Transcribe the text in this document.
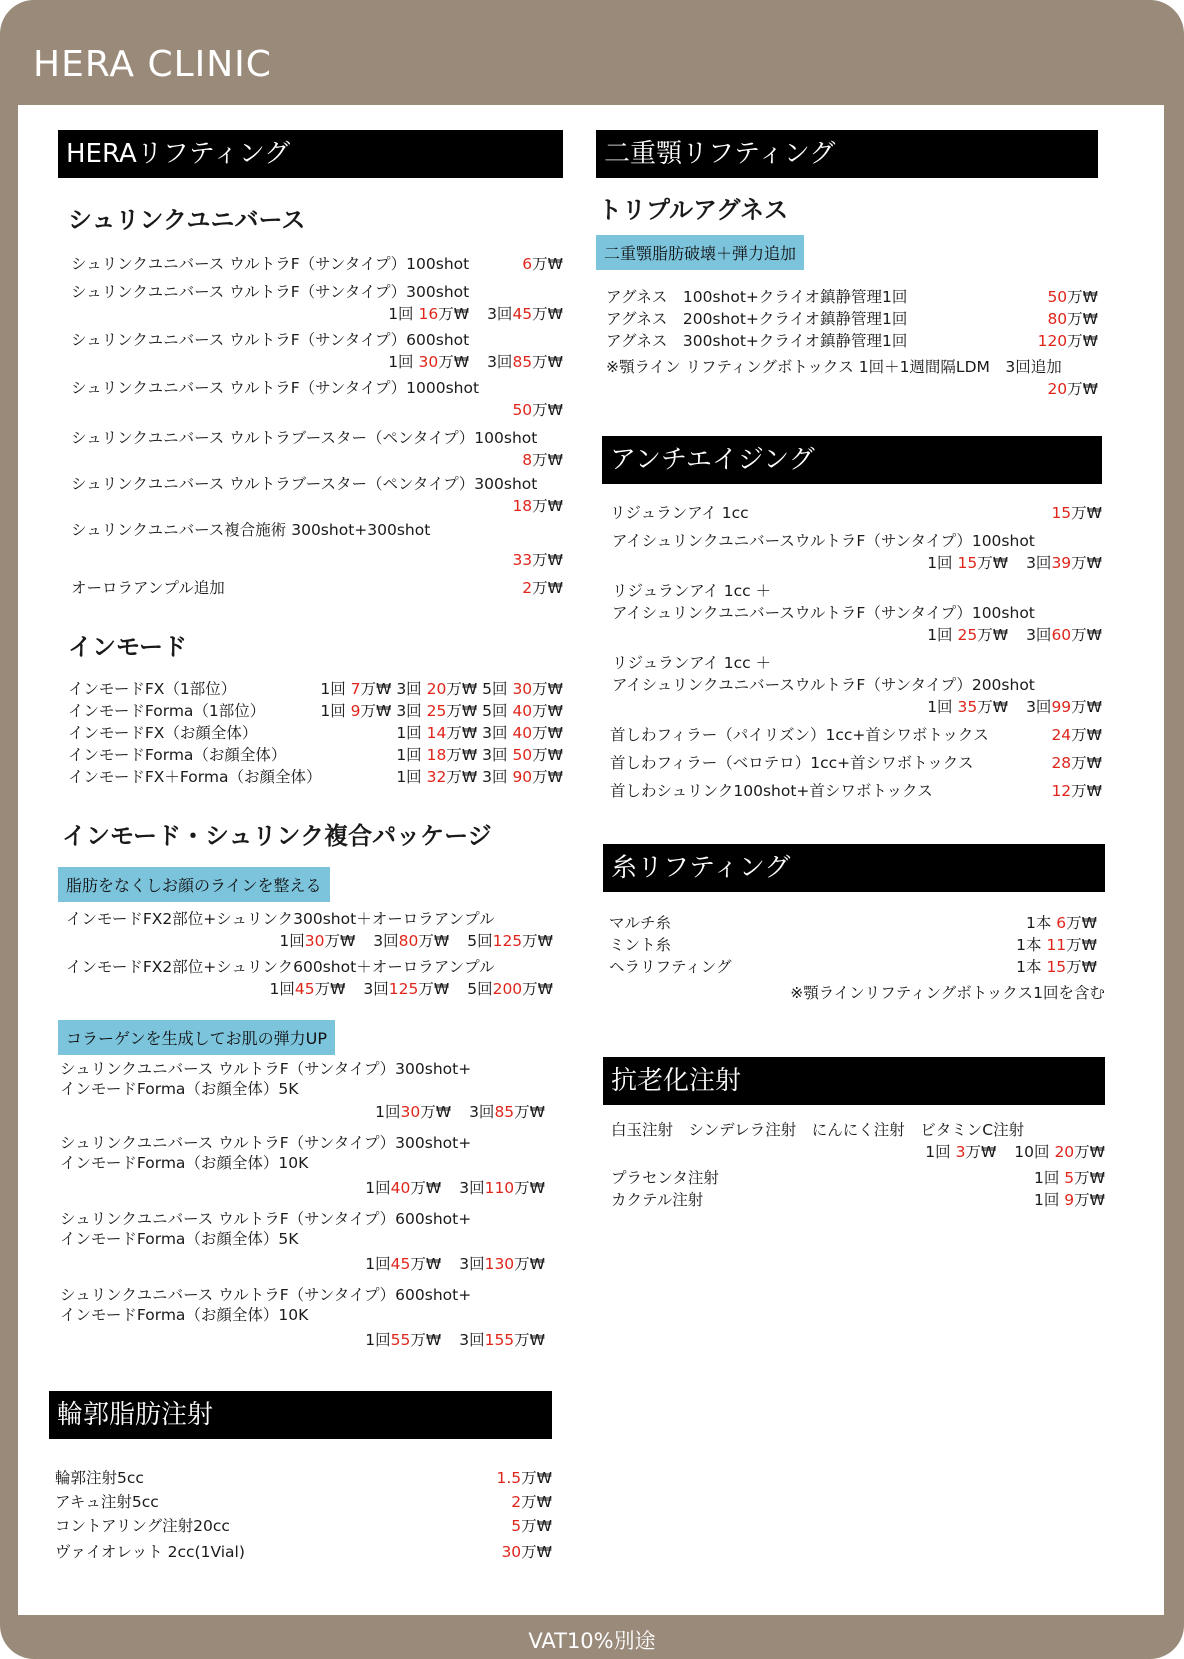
HERA CLINIC
VAT10%別途
HERAリフティング
シュリンクユニバース
シュリンクユニバース ウルトラF（サンタイプ）100shot	6万₩
シュリンクユニバース ウルトラF（サンタイプ）300shot
1回 16万₩ 3回45万₩
シュリンクユニバース ウルトラF（サンタイプ）600shot
1回 30万₩ 3回85万₩
シュリンクユニバース ウルトラF（サンタイプ）1000shot
50万₩
シュリンクユニバース ウルトラブースター（ペンタイプ）100shot
8万₩
シュリンクユニバース ウルトラブースター（ペンタイプ）300shot
18万₩
シュリンクユニバース複合施術 300shot+300shot
33万₩
オーロラアンプル追加	2万₩
インモード
インモードFX（1部位）	1回 7万₩ 3回 20万₩ 5回 30万₩
インモードForma（1部位）	1回 9万₩ 3回 25万₩ 5回 40万₩
インモードFX（お顔全体）	1回 14万₩ 3回 40万₩
インモードForma（お顔全体）	1回 18万₩ 3回 50万₩
インモードFX＋Forma（お顔全体）	1回 32万₩ 3回 90万₩
インモード・シュリンク複合パッケージ
脂肪をなくしお顔のラインを整える
インモードFX2部位+シュリンク300shot＋オーロラアンプル
1回30万₩ 3回80万₩ 5回125万₩
インモードFX2部位+シュリンク600shot＋オーロラアンプル
1回45万₩ 3回125万₩ 5回200万₩
コラーゲンを生成してお肌の弾力UP
シュリンクユニバース ウルトラF（サンタイプ）300shot+
インモードForma（お顔全体）5K
1回30万₩ 3回85万₩
シュリンクユニバース ウルトラF（サンタイプ）300shot+
インモードForma（お顔全体）10K
1回40万₩ 3回110万₩
シュリンクユニバース ウルトラF（サンタイプ）600shot+
インモードForma（お顔全体）5K
1回45万₩ 3回130万₩
シュリンクユニバース ウルトラF（サンタイプ）600shot+
インモードForma（お顔全体）10K
1回55万₩ 3回155万₩
輪郭脂肪注射
輪郭注射5cc	1.5万₩
アキュ注射5cc	2万₩
コントアリング注射20cc	5万₩
ヴァイオレット 2cc(1Vial)	30万₩
二重顎リフティング
トリプルアグネス
二重顎脂肪破壊＋弾力追加
アグネス　100shot+クライオ鎮静管理1回	50万₩
アグネス　200shot+クライオ鎮静管理1回	80万₩
アグネス　300shot+クライオ鎮静管理1回	120万₩
※顎ライン リフティングボトックス 1回＋1週間隔LDM　3回追加
20万₩
アンチエイジング
リジュランアイ 1cc	15万₩
アイシュリンクユニバースウルトラF（サンタイプ）100shot
1回 15万₩ 3回39万₩
リジュランアイ 1cc ＋
アイシュリンクユニバースウルトラF（サンタイプ）100shot
1回 25万₩ 3回60万₩
リジュランアイ 1cc ＋
アイシュリンクユニバースウルトラF（サンタイプ）200shot
1回 35万₩ 3回99万₩
首しわフィラー（パイリズン）1cc+首シワボトックス	24万₩
首しわフィラー（ベロテロ）1cc+首シワボトックス	28万₩
首しわシュリンク100shot+首シワボトックス	12万₩
糸リフティング
マルチ糸	1本 6万₩
ミント糸	1本 11万₩
ヘラリフティング	1本 15万₩
※顎ラインリフティングボトックス1回を含む
抗老化注射
白玉注射　シンデレラ注射　にんにく注射　ビタミンC注射
1回 3万₩ 10回 20万₩
プラセンタ注射	1回 5万₩
カクテル注射	1回 9万₩
